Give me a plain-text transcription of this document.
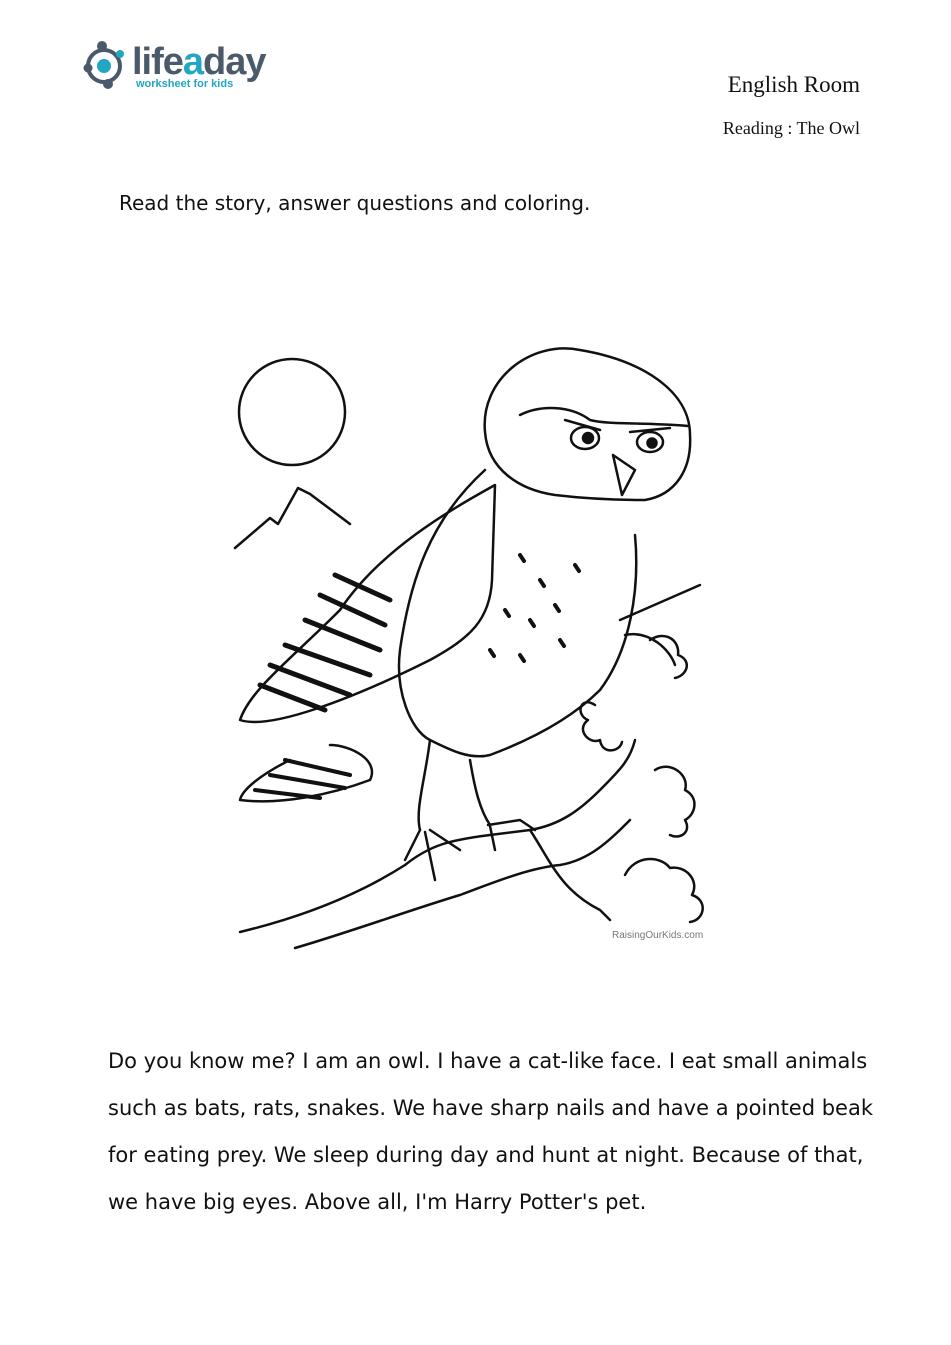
lifeaday
worksheet for kids	English Room
Reading : The Owl
Read the story, answer questions and coloring.
RaisingOurKids.com
Do you know me? I am an owl. I have a cat-like face. I eat small animals
such as bats, rats, snakes. We have sharp nails and have a pointed beak
for eating prey. We sleep during day and hunt at night. Because of that,
we have big eyes. Above all, I'm Harry Potter's pet.
